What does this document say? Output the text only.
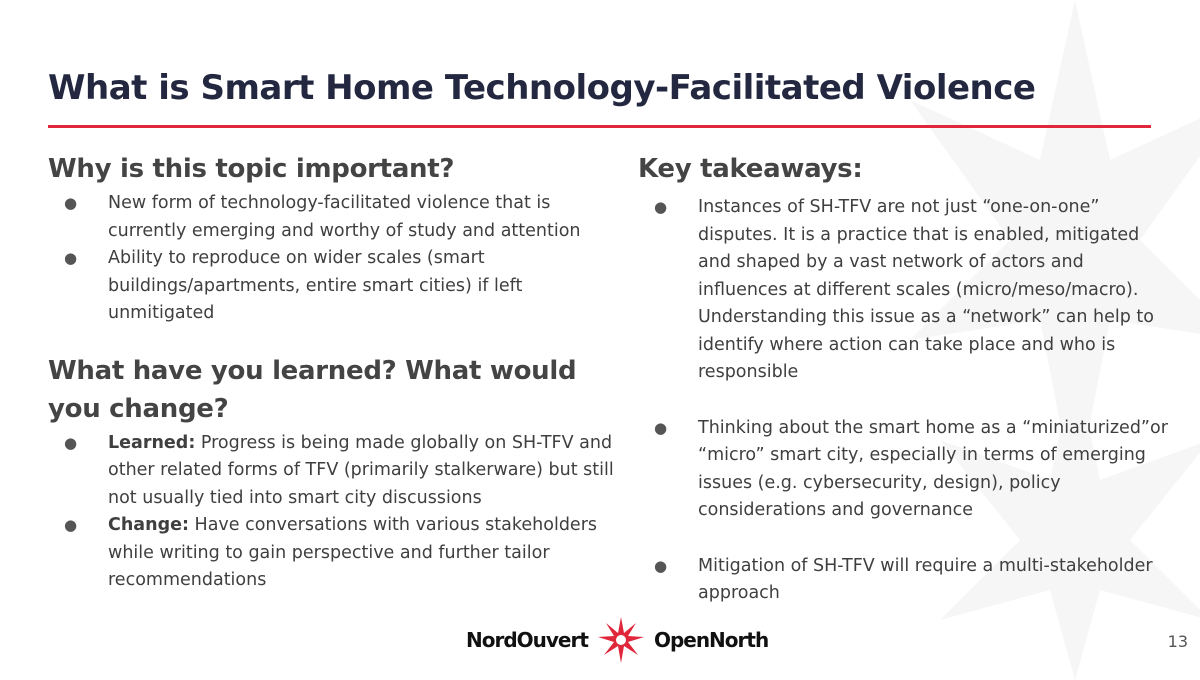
What is Smart Home Technology-Facilitated Violence
Why is this topic important?
● New form of technology-facilitated violence that is currently emerging and worthy of study and attention
● Ability to reproduce on wider scales (smart buildings/apartments, entire smart cities) if left unmitigated
What have you learned? What would you change?
● Learned: Progress is being made globally on SH-TFV and other related forms of TFV (primarily stalkerware) but still not usually tied into smart city discussions
● Change: Have conversations with various stakeholders while writing to gain perspective and further tailor recommendations
Key takeaways:
● Instances of SH-TFV are not just “one-on-one” disputes. It is a practice that is enabled, mitigated and shaped by a vast network of actors and influences at different scales (micro/meso/macro). Understanding this issue as a “network” can help to identify where action can take place and who is responsible
● Thinking about the smart home as a “miniaturized”or “micro” smart city, especially in terms of emerging issues (e.g. cybersecurity, design), policy considerations and governance
● Mitigation of SH-TFV will require a multi-stakeholder approach
NordOuvert	OpenNorth	13
